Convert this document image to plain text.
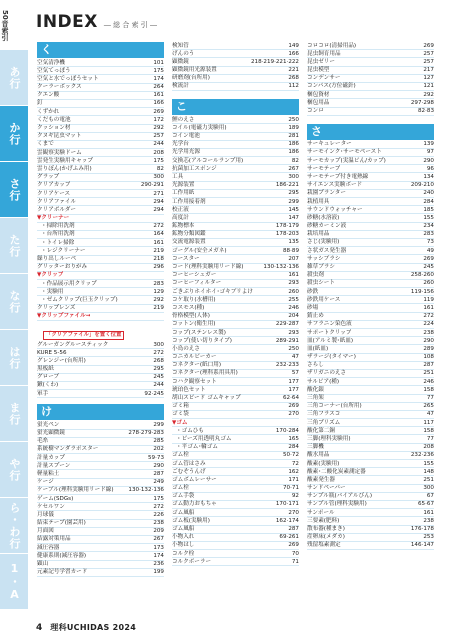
50音索引
あ行
か行
さ行
た行
な行
は行
ま行
や行
ら・わ行
1・A
INDEX ― 総 合 索 引 ―
く
空気清浄機	101
空気てっぽう	175
空気と水でっぽうセット	174
クーラーボックス	264
クエン酸	161
釘	166
くずかれ	269
くだもの電池	172
クッション材	292
クヌギ昆虫マット	257
くまで	244
雲観察実験ドーム	208
雲発生実験用キャップ	175
雲りぼん(かげふみ用)	82
グラップ	300
クリアカップ	290·291
クリアケース	271
クリアファイル	294
クリアボルダー	294
▼クリーナー
・掃除用洗剤	272
・台所用洗剤	164
・トイレ掃除	161
・レジクリーナー	219
繰り出しルーペ	218
グリッターおりがみ	296
▼クリップ
・作品展示用クリップ	283
・実験用	129
・ゼムクリップ(巨玉クリップ)	292
クリップレンズ	219
▼クリップファイル→
「クリアファイル」を置く位置
グルーガングルースティック	300
KURE 5-56	272
グレンジー(台所用)	268
黒板紙	295
グローブ	245
鍬(くわ)	244
軍手	92·245
け
蛍光ペン	299
蛍光顕微鏡	278·279·283
毛糸	285
系統樹マンダラポスター	202
計量カップ	59·73
計量スプーン	290
軽量粘土	287
ケージ	249
ケーブル(理科実験用リード線)	130·132·136
ゲーム(SDGs)	175
ケセルワン	272
月球儀	226
結束テープ(園芸用)	238
月面図	209
結露対策用品	267
減圧容器	173
健康系則(減圧容器)	174
顕山	236
元素記号学習カード	199
検知管	149
げんのう	166
顕微鏡	218·219·221·222
顕微鏡用光源装置	221
研磨剤(台所用)	268
検流計	112
こ
鯉のえさ	250
コイル(電磁力実験用)	189
コイン電池	281
光学台	186
光学用光源	186
交換芯(アルコールランプ用)	82
抗菌加工スポンジ	267
工具	300
光源装置	186·221
工作用紙	295
工作用接着剤	299
校正液	145
高度計	147
鉱物標本	178·179
鉱物分類図鑑	178·203
交流電源装置	135
ゴーグル(安全メガネ)	88·89
コースター	207
コード(理科実験用リード線)	130·132·136
コーヒーシュガー	161
コーヒーフィルター	293
ごきぶりホイホイ･ゴキブリよけ	260
コケ取り(水槽用)	255
コスモス(種)	246
骨格模型(人体)	204
コットン(衛生用)	229·287
コップ(ステンレス製)	293
コップ(使い切りタイプ)	289·291
小鳥のえさ	250
コニカルビーカー	47
コネクター(紙口用)	232·233
コネクター(理科系用具用)	57
コハク観察セット	177
琥珀色セット	177
胡山スピード ゴムキャップ	62·64
ゴミ箱	269
ゴミ袋	270
▼ゴム
・ゴムひも	170·284
・ビーズ用透明丸ゴム	165
・平ゴム･輪ゴム	284
ゴム栓	50·72
ゴム管はさみ	72
ごむぞうんげ	162
ゴムボムレーサー	171
ゴム栓	70·71
ゴム手袋	92
ゴム動力おもちゃ	170·171
ゴム風船	270
ゴム板(実験用)	162·174
ゴム風船	287
小物入れ	69·261
小物はし	269
コルク栓	70
コルクボーラー	71
コロコロ(清掃用品)	269
昆虫飼育用品	257
昆虫ゼリー	257
昆虫模型	217
コンデンサー	127
コンパス(方位磁針)	121
梱包資材	292
梱包用品	297·298
コンロ	82·83
さ
サーキュレーター	139
サーモインク･サーモペースト	97
サーモカップ(実温ビん/カップ)	290
サーモテープ	96
サーモテープ付き電熱線	134
サイエンス実験ボード	209·210
栽園プランター	240
栽植用具	284
サウンドウォッチャー	185
砂糖(水溶液)	155
砂糖カーミン液	234
栽培用品	283
さじ(実験用)	73
さ状ガス発生器	49
サッシブラシ	269
雑草ブラシ	245
殺虫剤	258·260
殺虫シート	260
砂鉄	119·156
砂鉄用ケース	119
砂場	161
錆止め	272
サフラニン染色液	224
サポートクリップ	238
皿(アルミ製･紙皿)	290
皿(紙皿)	289
ザラージ(タイマー)	108
さらし	287
ザリガニのえさ	251
サルビア(種)	246
酸化銀	158
三角架	77
三角コーナー(台所用)	265
三角フラスコ	47
三角プリズム	117
酸化第二銅	158
三脚(理科実験用)	77
三脚機	208
酸水用品	232·236
酸素(実験用)	155
酸素･二酸化炭素測定器	148
酸素発生器	251
サンドペーパー	300
サンプル瓶(バイアルびん)	67
サンプル管(理科実験用)	65·67
サンポール	161
三要素(肥料)	238
散布器(種まき)	176·178
産卵床(メダカ)	253
残留塩素測定	146·147
4 理科UCHIDAS 2024
